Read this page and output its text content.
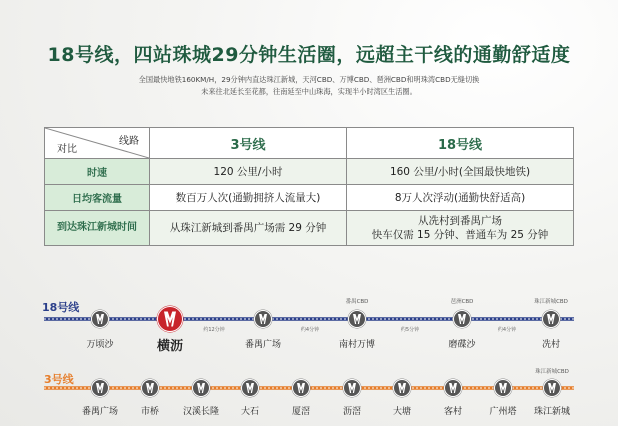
18号线，四站珠城29分钟生活圈，远超主干线的通勤舒适度
全国最快地铁160KM/H，29分钟内直达珠江新城，天河CBD、万博CBD、琶洲CBD和明珠湾CBD无缝切换
未来往北延长至花都，往南延至中山珠海，实现半小时湾区生活圈。
线路
对比	3号线	18号线
时速	120 公里/小时	160 公里/小时(全国最快地铁)
日均客流量	数百万人次(通勤拥挤人流量大)	8万人次浮动(通勤快舒适高)
到达珠江新城时间	从珠江新城到番禺广场需 29 分钟	从冼村到番禺广场
快车仅需 15 分钟、普通车为 25 分钟
18号线
3号线
万顷沙	横沥	番禺广场	南村万博	磨碟沙	冼村
番禺CBD	琶洲CBD	珠江新城CBD
约12分钟	约4分钟	约5分钟	约4分钟
番禺广场	市桥	汉溪长隆	大石	厦滘	沥滘	大塘	客村	广州塔	珠江新城
珠江新城CBD
